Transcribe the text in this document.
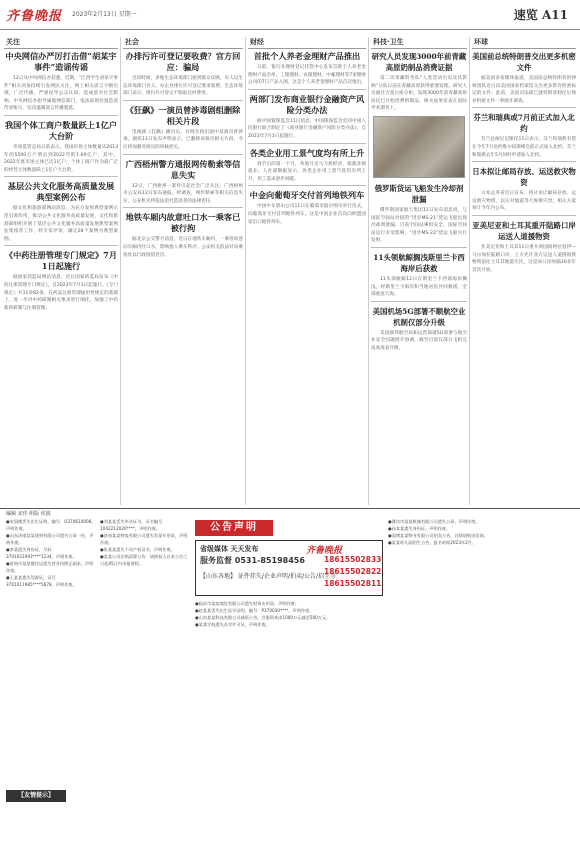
齐鲁晚报 2023年2月13日 星期一	速览 A11
关注
中央网信办严厉打击借“胡某宇事件”造谣传谣

12日从中央网信办获悉，近期，“江西学生胡某宇事件”相关词条持续引发网民关注。网上相关谣言不断出现，广泛传播，严重误导公众认知，造成恶劣社会影响。中央网信办指导属地网信部门，依法依规处置造谣传谣账号，坚决遏制谣言传播蔓延。

我国个体工商户数量跃上1亿户大台阶

市场监管总局日前表示，我国市场主体数量从2013年的5500万户增长到2022年的1.69亿户，其中，2022年底市场主体已达1亿户，个体工商户作为最广泛的经营主体数量跃上1亿户大台阶。

基层公共文化服务高质量发展典型案例公布

据文化和旅游部网站消息，为充分发挥典型案例示范引领作用，推动公共文化服务高质量发展，文化和旅游部组织开展了基层公共文化服务高质量发展典型案例征集推荐工作，经专家评审，确定28个案例为典型案例。

《中药注册管理专门规定》7月1日起施行

据国家药监局网站消息，近日国家药监局发布《中药注册管理专门规定》，自2023年7月1日起施行。《专门规定》共11章82条，在药品注册管理通用性规定的基础上，进一步对中药研制相关要求进行细化，加强了中药新药研制与注册管理。

社会
办排污许可登记要收费？官方回应：骗局

近段时间，多地生态环境部门接到群众反映，有人以生态环境部门名义，办企业排污许可登记要求收费。生态环境部门表示，排污许可登记不收取任何费用。

《狂飙》一演员曾涉毒剧组删除相关片段

电视剧《狂飙》播出后，有网友指出剧中某演员曾涉毒。剧组11日发布声明表示，已删除该演员相关片段，今后将加强对演员的审核把关。

广西梧州警方通报网传勒索等信息失实

12日，广西梧州一案件引起社会广泛关注。广西梧州市公安局12日发布通报，经调查，网传勒索等相关信息失实，公安机关将依法追究造谣者的法律责任。

地铁车厢内故意吐口水一乘客已被行拘

据北京公交警方消息，近日在地铁车厢内，一乘客故意向车厢内吐口水，影响他人乘车秩序。公安机关依法对该乘客处以行政拘留处罚。

财经
首批个人养老金理财产品推出

日前，银行业理财登记托管中心发布首批个人养老金理财产品名单，工银理财、农银理财、中邮理财等7家理财公司的7只产品入围。这是个人养老金理财产品首次推出。

两部门发布商业银行金融资产风险分类办法

据中国银保监会11日消息，中国银保监会会同中国人民银行联合制定了《商业银行金融资产风险分类办法》，自2023年7月1日起施行。

各类企业用工景气度均有所上升

春节后的第一个月，各地开足马力抓经济，稳就业保就业。人社部数据显示，各类企业用工景气度均有所上升，用工需求逐步回暖。

中金向葡萄牙交付首列地铁列车

中国中车唐山公司11日在葡萄牙波尔图市举行仪式，向葡萄牙交付首列地铁列车。这是中国企业首次向欧盟国家出口地铁列车。

科技·卫生
研究人员发现3000年前青藏高原奶制品消费证据

第二次青藏科考队“人类活动历史及其影响”分队日前在青藏高原获得重要发现。研究人员通过古蛋白质分析，发现3000年前青藏高原居民已开始消费奶制品，相关成果发表在国际学术期刊上。

俄罗斯货运飞船发生冷却剂泄漏

俄罗斯国家航天集团11日发布消息说，与国际空间站对接的“进步MS-21”货运飞船出现冷却剂泄漏。目前空间站乘组安全，国际空间站运行未受影响，“进步MS-22”货运飞船另行发射。

11头领航鲸搁浅斯里兰卡西海岸后获救

11头领航鲸12日在斯里兰卡西部海岸搁浅，经斯里兰卡海军和当地居民共同救援，全部重返大海。

美国机场5G部署不顺航空业机制仅部分升级

美国联邦航空局和运营商就5G部署与航空业安全问题展开协调，截至目前仅部分飞机完成高度表升级。

环球
美国前总统特朗普交出更多机密文件

据美国多家媒体报道，美国前总统特朗普的律师团队近日向美国国家档案馆交出更多带有机密标记的文件。此前，美国司法部已就特朗普卸任后保存机密文件一事展开调查。

芬兰和瑞典或7月前正式加入北约

芬兰总统尼尼斯托11日表示，芬兰和瑞典有望在今年7月北约维尔纽斯峰会前正式加入北约。芬兰和瑞典去年5月同时申请加入北约。

日本拟让邮局存放、运送救灾物资

日本总务省近日宣布，将讨论让邮局存放、运送救灾物资，以应对地震等大规模灾害。相关方案预计今年内公布。

亚美尼亚和土耳其重开陆路口岸运送人道援物资

亚美尼亚和土耳其11日重开两国间阿拉恰伊—马尔加拉陆路口岸，土方允许亚方运送人道援救援物资前往土耳其地震灾区。这是该口岸时隔30多年首次开放。

编辑 宋佳 组版 侯波

●宋国德丢失出生证明，编号：O370610008，声明作废。

●山东济南某某建材有限公司遗失公章一枚，声明作废。

●李某遗失身份证，号码3701021993****1234，声明作废。

●济南市某某餐饮店遗失营业执照正副本，声明作废。

●王某某遗失驾驶证，证号3701011985****5678，声明作废。

【友情提示】

●刘某某丢失毕业证书，证书编号1042212020****，声明作废。

●济南某某物流有限公司遗失发票专用章，声明作废。

●张某某遗失不动产权证书，声明作废。

●某某公司注销清算公告：请债权人自本公告之日起45日内申报债权。

公告声明
齐鲁晚报
省级媒体 天天发布
服务监督 0531-85198456
【山东各地】 证件挂失/企业声明/拍卖/公告/招生等
18615502833
18615502822
18615502811

●临沂市某某商贸有限公司遗失财务专用章，声明作废。

●赵某某丢失出生医学证明，编号：P370030****，声明作废。

●山东某某科技有限公司减资公告，注册资本由1000万元减至500万元。

●某某学校遗失办学许可证，声明作废。

●潍坊市某某机械有限公司遗失公章，声明作废。

●孙某某遗失身份证，声明作废。

●淄博某某物业有限公司拍卖公告，详情请致电咨询。

●某某幼儿园招生公告，报名时间2023年2月。
